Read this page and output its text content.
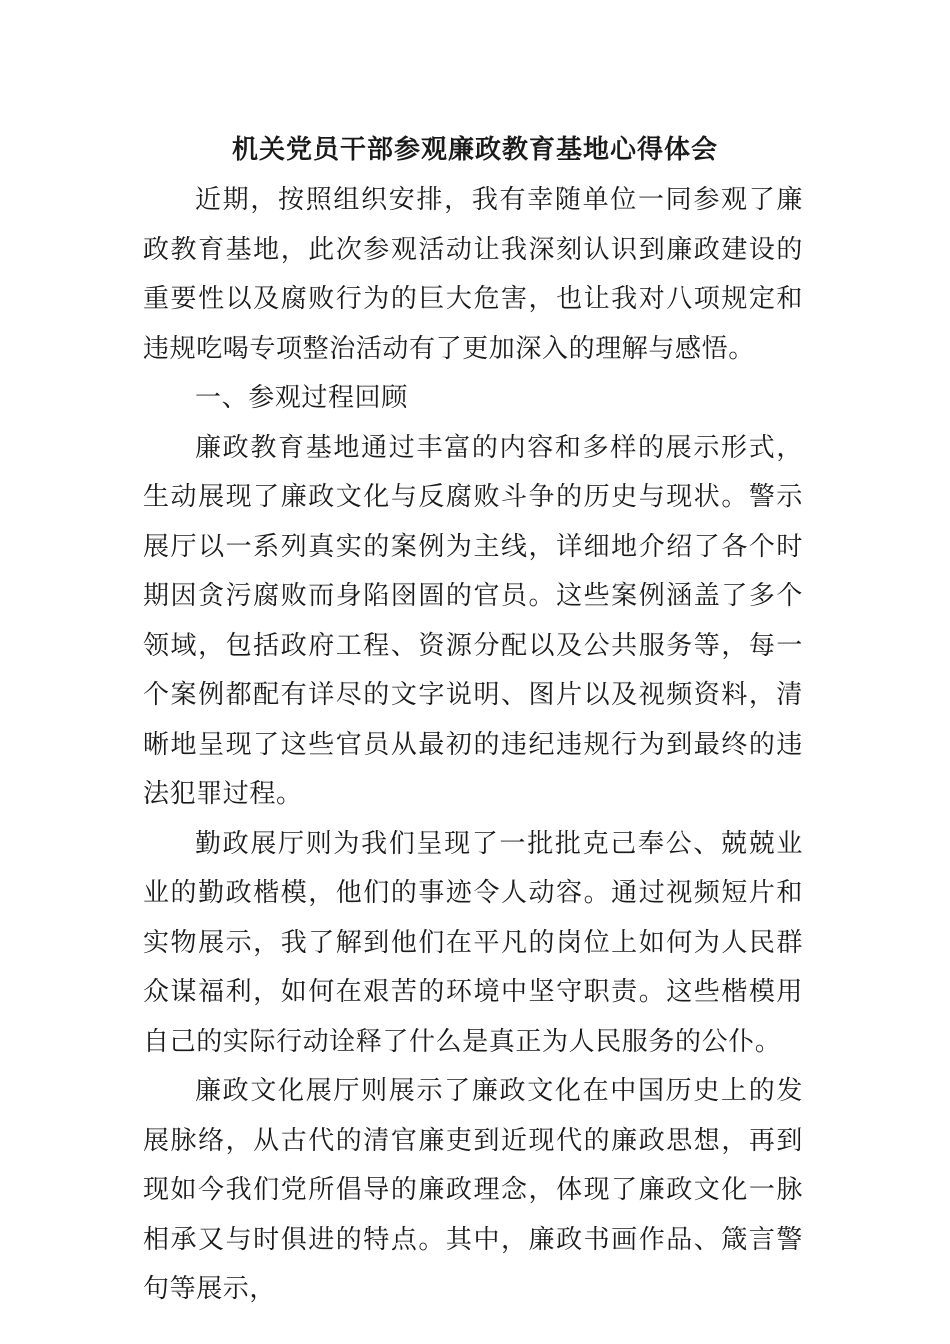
机关党员干部参观廉政教育基地心得体会

近期，按照组织安排，我有幸随单位一同参观了廉政教育基地，此次参观活动让我深刻认识到廉政建设的重要性以及腐败行为的巨大危害，也让我对八项规定和违规吃喝专项整治活动有了更加深入的理解与感悟。

一、参观过程回顾

廉政教育基地通过丰富的内容和多样的展示形式，生动展现了廉政文化与反腐败斗争的历史与现状。警示展厅以一系列真实的案例为主线，详细地介绍了各个时期因贪污腐败而身陷囹圄的官员。这些案例涵盖了多个领域，包括政府工程、资源分配以及公共服务等，每一个案例都配有详尽的文字说明、图片以及视频资料，清晰地呈现了这些官员从最初的违纪违规行为到最终的违法犯罪过程。

勤政展厅则为我们呈现了一批批克己奉公、兢兢业业的勤政楷模，他们的事迹令人动容。通过视频短片和实物展示，我了解到他们在平凡的岗位上如何为人民群众谋福利，如何在艰苦的环境中坚守职责。这些楷模用自己的实际行动诠释了什么是真正为人民服务的公仆。

廉政文化展厅则展示了廉政文化在中国历史上的发展脉络，从古代的清官廉吏到近现代的廉政思想，再到现如今我们党所倡导的廉政理念，体现了廉政文化一脉相承又与时俱进的特点。其中，廉政书画作品、箴言警句等展示，
